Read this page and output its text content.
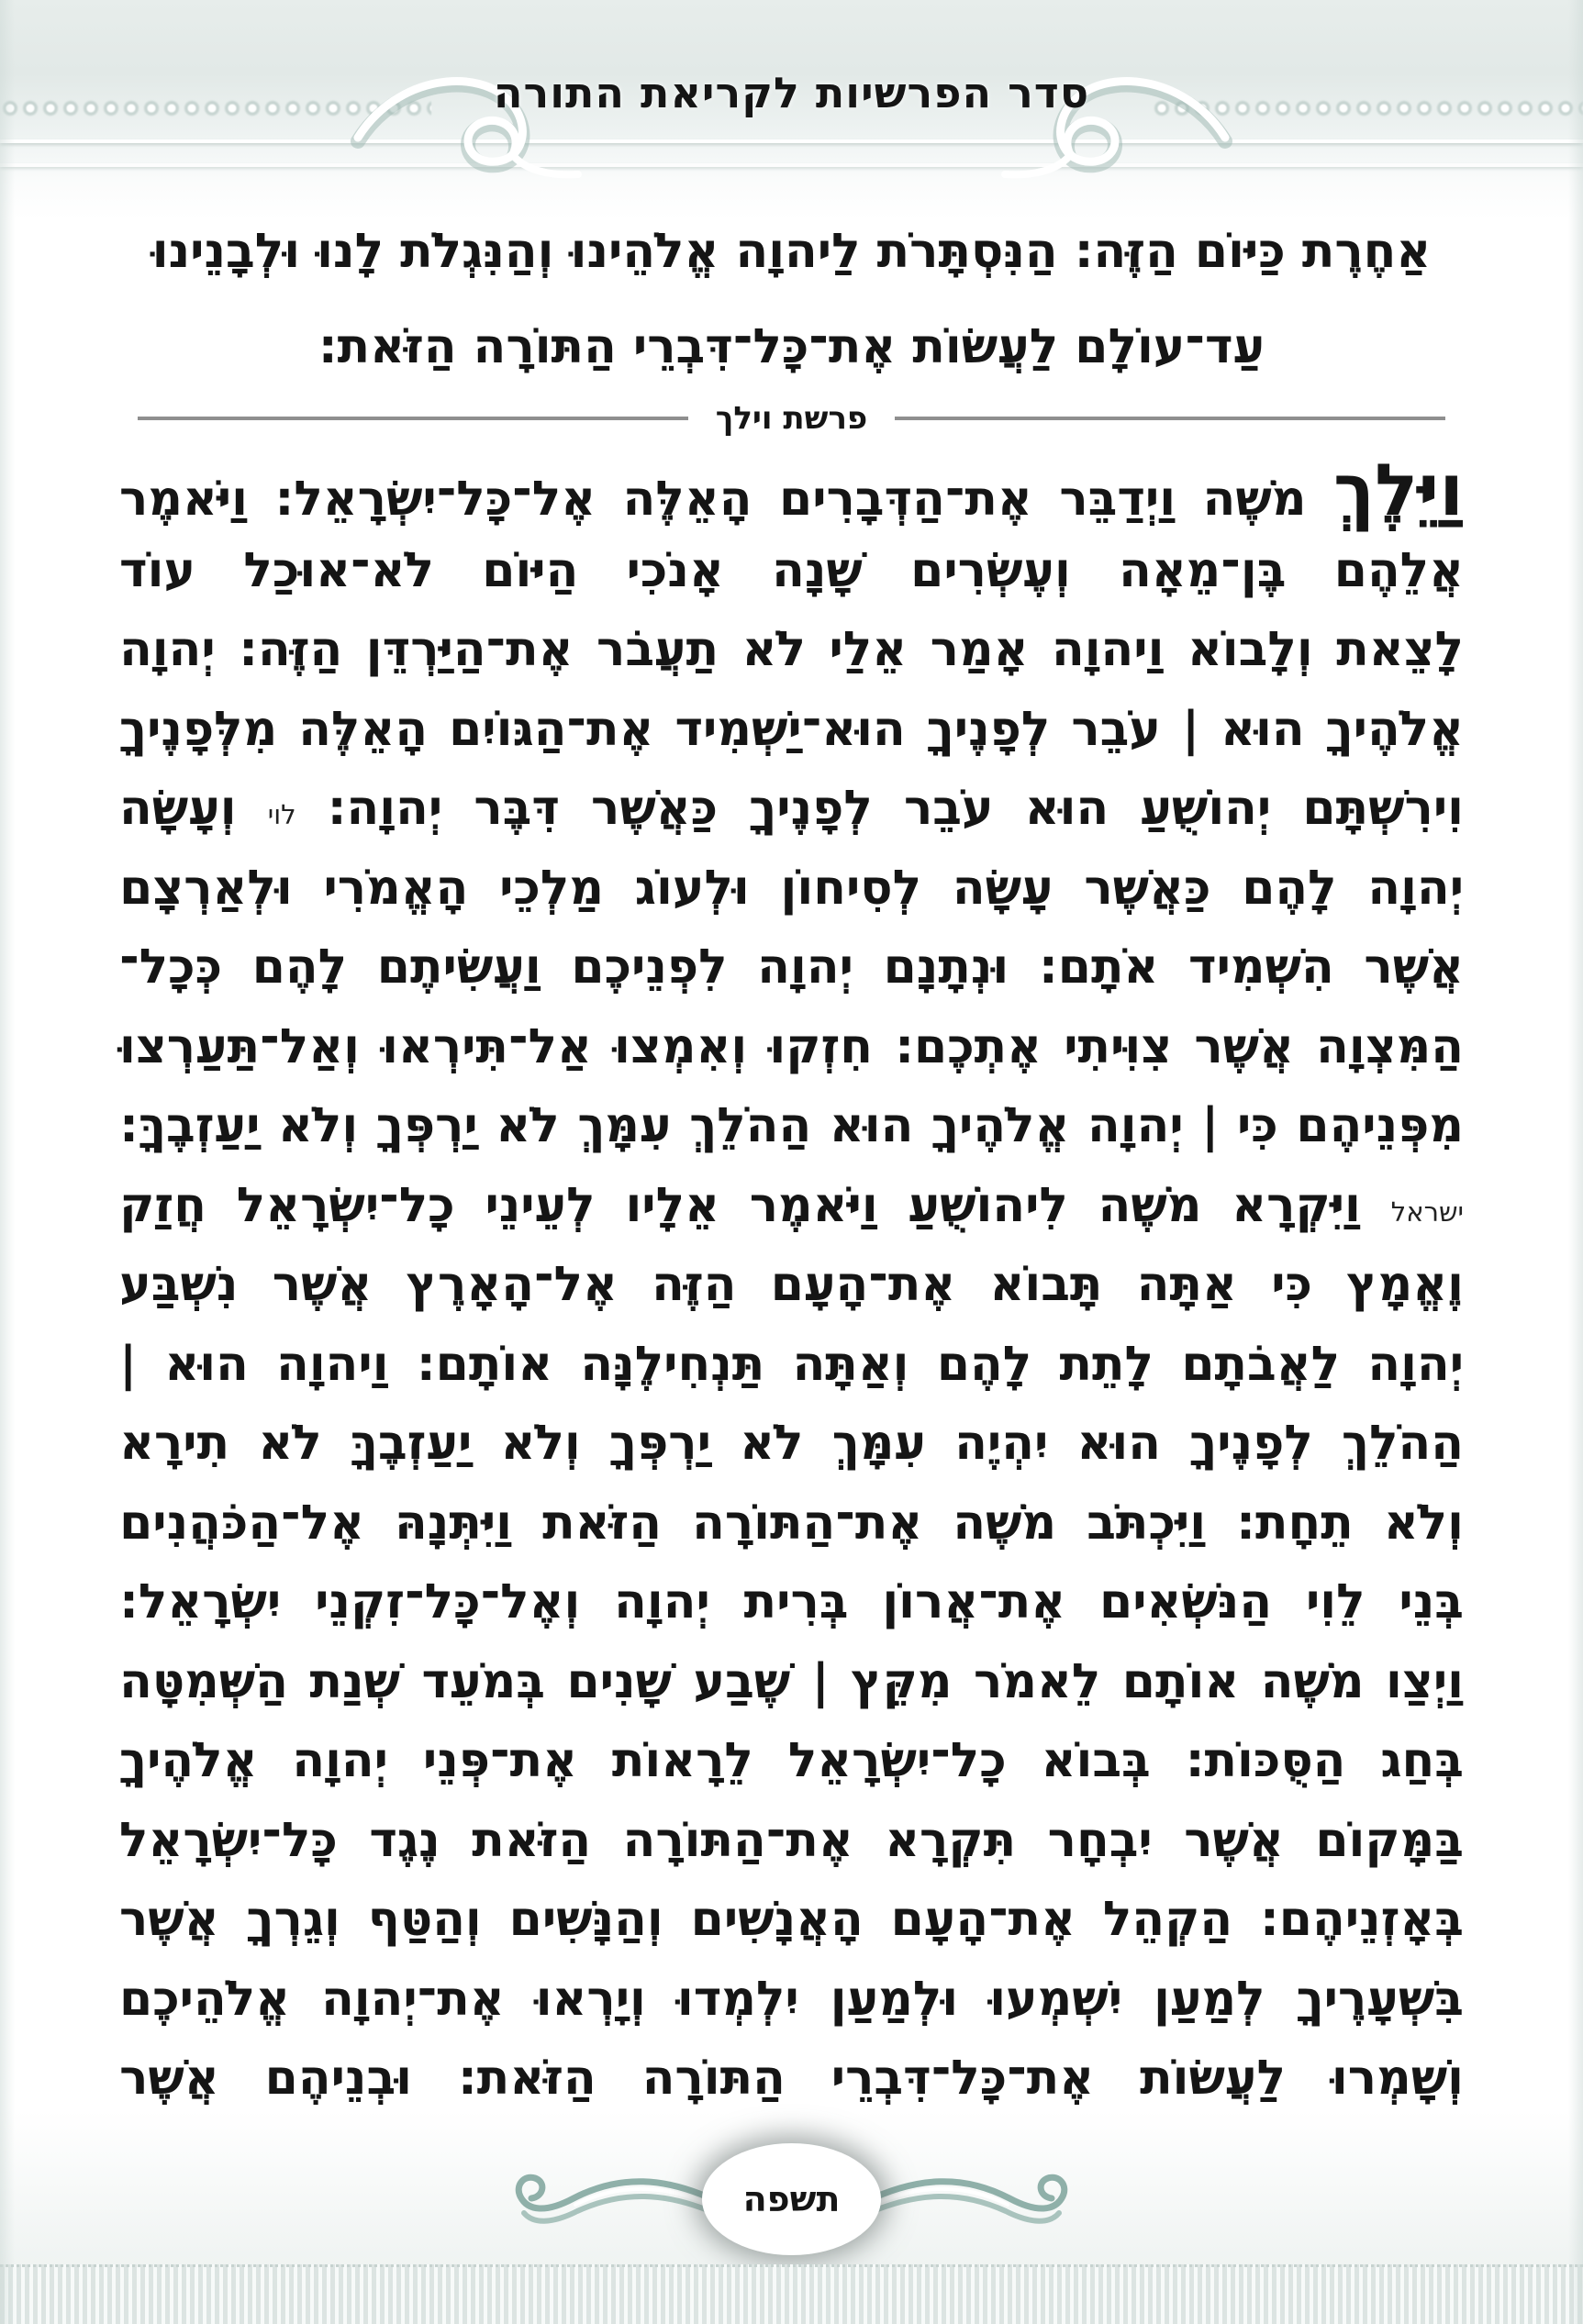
סדר הפרשיות לקריאת התורה
אַחֶרֶת כַּיּוֹם הַזֶּה: הַנִּסְתָּרֹת לַיהוָה אֱלֹהֵינוּ וְהַנִּגְלֹת לָנוּ וּלְבָנֵינוּ
עַד־עוֹלָם לַעֲשׂוֹת אֶת־כָּל־דִּבְרֵי הַתּוֹרָה הַזֹּאת:
פרשת וילך
וַיֵּלֶךְ
מֹשֶׁה
וַיְדַבֵּר
אֶת־הַדְּבָרִים
הָאֵלֶּה
אֶל־כָּל־יִשְׂרָאֵל:
וַיֹּאמֶר
אֲלֵהֶם
בֶּן־מֵאָה
וְעֶשְׂרִים
שָׁנָה
אָנֹכִי
הַיּוֹם
לֹא־אוּכַל
עוֹד
לָצֵאת
וְלָבוֹא
וַיהוָה
אָמַר
אֵלַי
לֹא
תַעֲבֹר
אֶת־הַיַּרְדֵּן
הַזֶּה:
יְהוָה
אֱלֹהֶיךָ
הוּא
|
עֹבֵר
לְפָנֶיךָ
הוּא־יַשְׁמִיד
אֶת־הַגּוֹיִם
הָאֵלֶּה
מִלְּפָנֶיךָ
וִירִשְׁתָּם
יְהוֹשֻׁעַ
הוּא
עֹבֵר
לְפָנֶיךָ
כַּאֲשֶׁר
דִּבֶּר
יְהוָה:
לוי
וְעָשָׂה
יְהוָה
לָהֶם
כַּאֲשֶׁר
עָשָׂה
לְסִיחוֹן
וּלְעוֹג
מַלְכֵי
הָאֱמֹרִי
וּלְאַרְצָם
אֲשֶׁר
הִשְׁמִיד
אֹתָם:
וּנְתָנָם
יְהוָה
לִפְנֵיכֶם
וַעֲשִׂיתֶם
לָהֶם
כְּכָל־
הַמִּצְוָה
אֲשֶׁר
צִוִּיתִי
אֶתְכֶם:
חִזְקוּ
וְאִמְצוּ
אַל־תִּירְאוּ
וְאַל־תַּעַרְצוּ
מִפְּנֵיהֶם
כִּי
|
יְהוָה
אֱלֹהֶיךָ
הוּא
הַהֹלֵךְ
עִמָּךְ
לֹא
יַרְפְּךָ
וְלֹא
יַעַזְבֶךָּ:
ישראל
וַיִּקְרָא
מֹשֶׁה
לִיהוֹשֻׁעַ
וַיֹּאמֶר
אֵלָיו
לְעֵינֵי
כָל־יִשְׂרָאֵל
חֲזַק
וֶאֱמָץ
כִּי
אַתָּה
תָּבוֹא
אֶת־הָעָם
הַזֶּה
אֶל־הָאָרֶץ
אֲשֶׁר
נִשְׁבַּע
יְהוָה
לַאֲבֹתָם
לָתֵת
לָהֶם
וְאַתָּה
תַּנְחִילֶנָּה
אוֹתָם:
וַיהוָה
הוּא
|
הַהֹלֵךְ
לְפָנֶיךָ
הוּא
יִהְיֶה
עִמָּךְ
לֹא
יַרְפְּךָ
וְלֹא
יַעַזְבֶךָּ
לֹא
תִירָא
וְלֹא
תֵחָת:
וַיִּכְתֹּב
מֹשֶׁה
אֶת־הַתּוֹרָה
הַזֹּאת
וַיִּתְּנָהּ
אֶל־הַכֹּהֲנִים
בְּנֵי
לֵוִי
הַנֹּשְׂאִים
אֶת־אֲרוֹן
בְּרִית
יְהוָה
וְאֶל־כָּל־זִקְנֵי
יִשְׂרָאֵל:
וַיְצַו
מֹשֶׁה
אוֹתָם
לֵאמֹר
מִקֵּץ
|
שֶׁבַע
שָׁנִים
בְּמֹעֵד
שְׁנַת
הַשְּׁמִטָּה
בְּחַג
הַסֻּכּוֹת:
בְּבוֹא
כָל־יִשְׂרָאֵל
לֵרָאוֹת
אֶת־פְּנֵי
יְהוָה
אֱלֹהֶיךָ
בַּמָּקוֹם
אֲשֶׁר
יִבְחָר
תִּקְרָא
אֶת־הַתּוֹרָה
הַזֹּאת
נֶגֶד
כָּל־יִשְׂרָאֵל
בְּאָזְנֵיהֶם:
הַקְהֵל
אֶת־הָעָם
הָאֲנָשִׁים
וְהַנָּשִׁים
וְהַטַּף
וְגֵרְךָ
אֲשֶׁר
בִּשְׁעָרֶיךָ
לְמַעַן
יִשְׁמְעוּ
וּלְמַעַן
יִלְמְדוּ
וְיָרְאוּ
אֶת־יְהוָה
אֱלֹהֵיכֶם
וְשָׁמְרוּ
לַעֲשׂוֹת
אֶת־כָּל־דִּבְרֵי
הַתּוֹרָה
הַזֹּאת:
וּבְנֵיהֶם
אֲשֶׁר
תשפה
